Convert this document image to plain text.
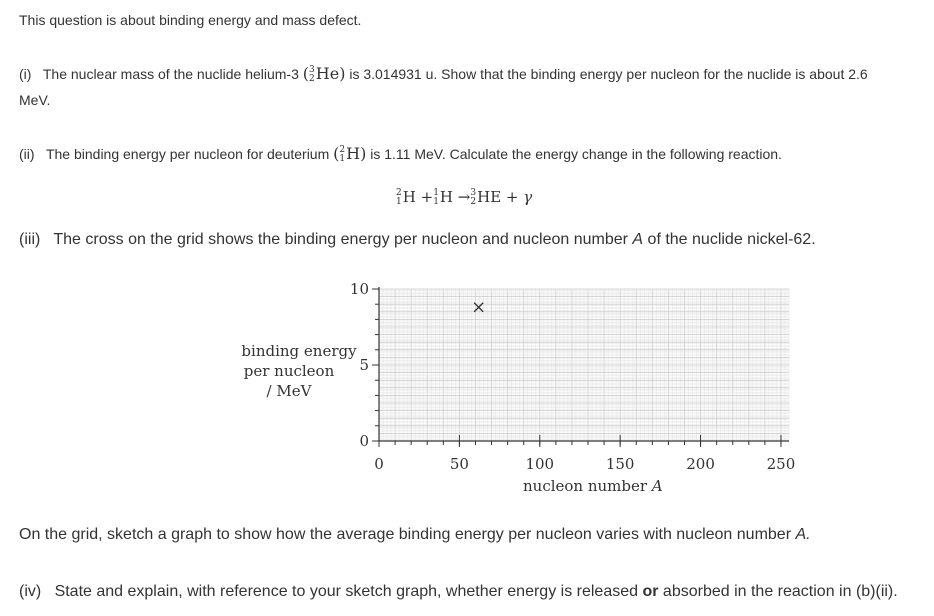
This question is about binding energy and mass defect.
(i) The nuclear mass of the nuclide helium-3 ( 3
2 He) is 3.014931 u. Show that the binding energy per nucleon for the nuclide is about 2.6
MeV.
(ii) The binding energy per nucleon for deuterium ( 2
1 H) is 1.11 MeV. Calculate the energy change in the following reaction.
2
1 H + 1
1 H → 3
2 HE + γ
(iii) The cross on the grid shows the binding energy per nucleon and nucleon number A of the nuclide nickel-62.
binding energy
per nucleon
/ MeV
0	50	100	150	200	250
0
5
10
nucleon number A
On the grid, sketch a graph to show how the average binding energy per nucleon varies with nucleon number A.
(iv) State and explain, with reference to your sketch graph, whether energy is released or absorbed in the reaction in (b)(ii).
